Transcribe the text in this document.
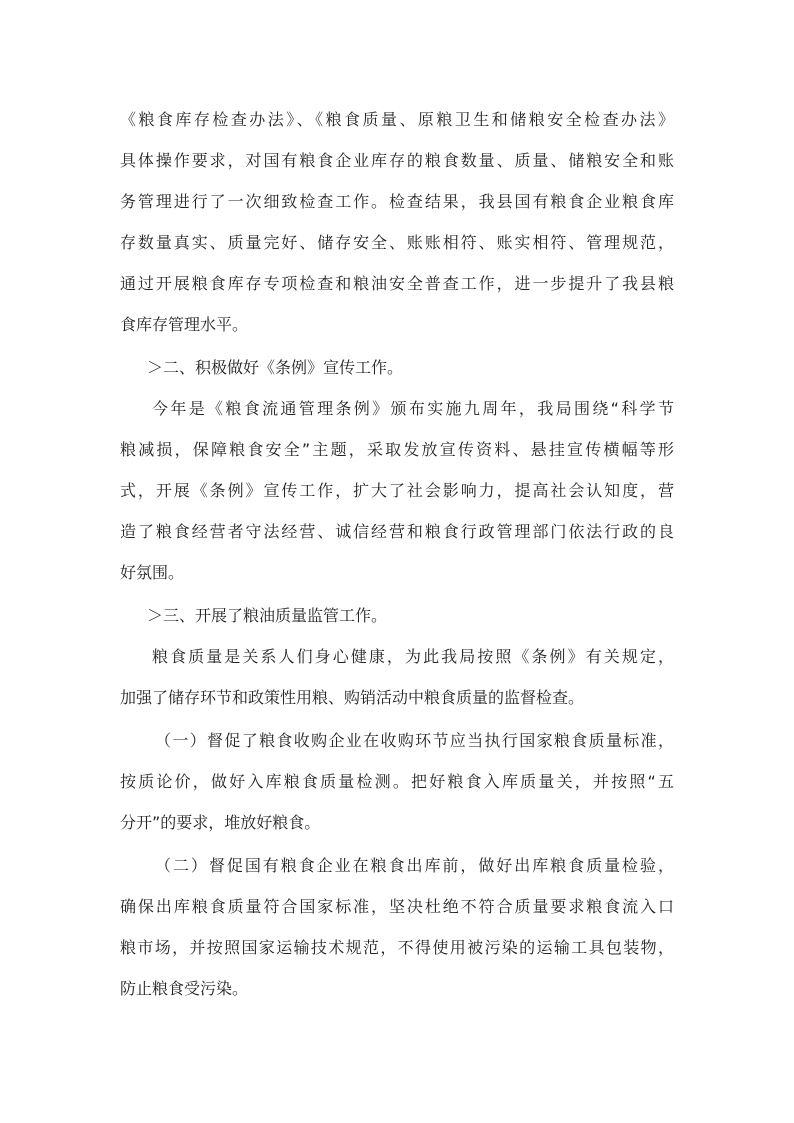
《粮食库存检查办法》、《粮食质量、原粮卫生和储粮安全检查办法》
具体操作要求，对国有粮食企业库存的粮食数量、质量、储粮安全和账
务管理进行了一次细致检查工作。检查结果，我县国有粮食企业粮食库
存数量真实、质量完好、储存安全、账账相符、账实相符、管理规范，
通过开展粮食库存专项检查和粮油安全普查工作，进一步提升了我县粮
食库存管理水平。
＞二、积极做好《条例》宣传工作。
今年是《粮食流通管理条例》颁布实施九周年，我局围绕“科学节
粮减损，保障粮食安全”主题，采取发放宣传资料、悬挂宣传横幅等形
式，开展《条例》宣传工作，扩大了社会影响力，提高社会认知度，营
造了粮食经营者守法经营、诚信经营和粮食行政管理部门依法行政的良
好氛围。
＞三、开展了粮油质量监管工作。
粮食质量是关系人们身心健康，为此我局按照《条例》有关规定，
加强了储存环节和政策性用粮、购销活动中粮食质量的监督检查。
（一）督促了粮食收购企业在收购环节应当执行国家粮食质量标准，
按质论价，做好入库粮食质量检测。把好粮食入库质量关，并按照“五
分开”的要求，堆放好粮食。
（二）督促国有粮食企业在粮食出库前，做好出库粮食质量检验，
确保出库粮食质量符合国家标准，坚决杜绝不符合质量要求粮食流入口
粮市场，并按照国家运输技术规范，不得使用被污染的运输工具包装物，
防止粮食受污染。
